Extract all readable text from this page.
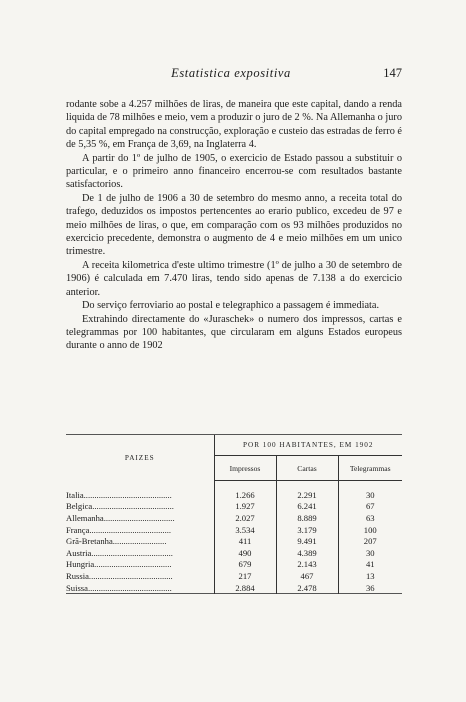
Estatistica expositiva	147

rodante sobe a 4.257 milhões de liras, de maneira que este capital, dando a renda liquida de 78 milhões e meio, vem a produzir o juro de 2 %. Na Allemanha o juro do capital empregado na construcção, exploração e custeio das estradas de ferro é de 5,35 %, em França de 3,69, na Inglaterra 4.

A partir do 1º de julho de 1905, o exercicio de Estado passou a substituir o particular, e o primeiro anno financeiro encerrou-se com resultados bastante satisfactorios.

De 1 de julho de 1906 a 30 de setembro do mesmo anno, a receita total do trafego, deduzidos os impostos pertencentes ao erario publico, excedeu de 97 e meio milhões de liras, o que, em comparação com os 93 milhões produzidos no exercicio precedente, demonstra o augmento de 4 e meio milhões em um unico trimestre.

A receita kilometrica d'este ultimo trimestre (1º de julho a 30 de setembro de 1906) é calculada em 7.470 liras, tendo sido apenas de 7.138 a do exercicio anterior.

Do serviço ferroviario ao postal e telegraphico a passagem é immediata.

Extrahindo directamente do «Juraschek» o numero dos impressos, cartas e telegrammas por 100 habitantes, que circularam em alguns Estados europeus durante o anno de 1902

PAIZES	POR 100 HABITANTES, EM 1902		
	Impressos	Cartas	Telegrammas

Italia.........................................	1.266	2.291	30
Belgica......................................	1.927	6.241	67
Allemanha.................................	2.027	8.889	63
França......................................	3.534	3.179	100
Grã-Bretanha.........................	411	9.491	207
Austria......................................	490	4.389	30
Hungria....................................	679	2.143	41
Russia.......................................	217	467	13
Suissa.......................................	2.884	2.478	36
